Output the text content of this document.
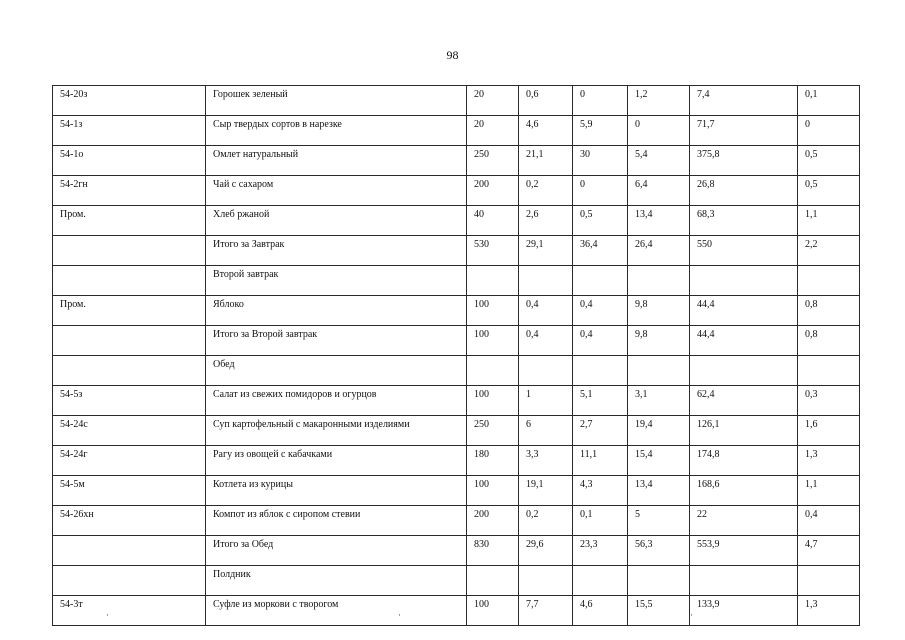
98
54-20з	Горошек зеленый	20	0,6	0	1,2	7,4	0,1
54-1з	Сыр твердых сортов в нарезке	20	4,6	5,9	0	71,7	0
54-1о	Омлет натуральный	250	21,1	30	5,4	375,8	0,5
54-2гн	Чай с сахаром	200	0,2	0	6,4	26,8	0,5
Пром.	Хлеб ржаной	40	2,6	0,5	13,4	68,3	1,1
	Итого за Завтрак	530	29,1	36,4	26,4	550	2,2
	Второй завтрак						
Пром.	Яблоко	100	0,4	0,4	9,8	44,4	0,8
	Итого за Второй завтрак	100	0,4	0,4	9,8	44,4	0,8
	Обед						
54-5з	Салат из свежих помидоров и огурцов	100	1	5,1	3,1	62,4	0,3
54-24с	Суп картофельный с макаронными изделиями	250	6	2,7	19,4	126,1	1,6
54-24г	Рагу из овощей с кабачками	180	3,3	11,1	15,4	174,8	1,3
54-5м	Котлета из курицы	100	19,1	4,3	13,4	168,6	1,1
54-26хн	Компот из яблок с сиропом стевии	200	0,2	0,1	5	22	0,4
	Итого за Обед	830	29,6	23,3	56,3	553,9	4,7
	Полдник						
54-3т	Суфле из моркови с творогом	100	7,7	4,6	15,5	133,9	1,3
·	·	·
